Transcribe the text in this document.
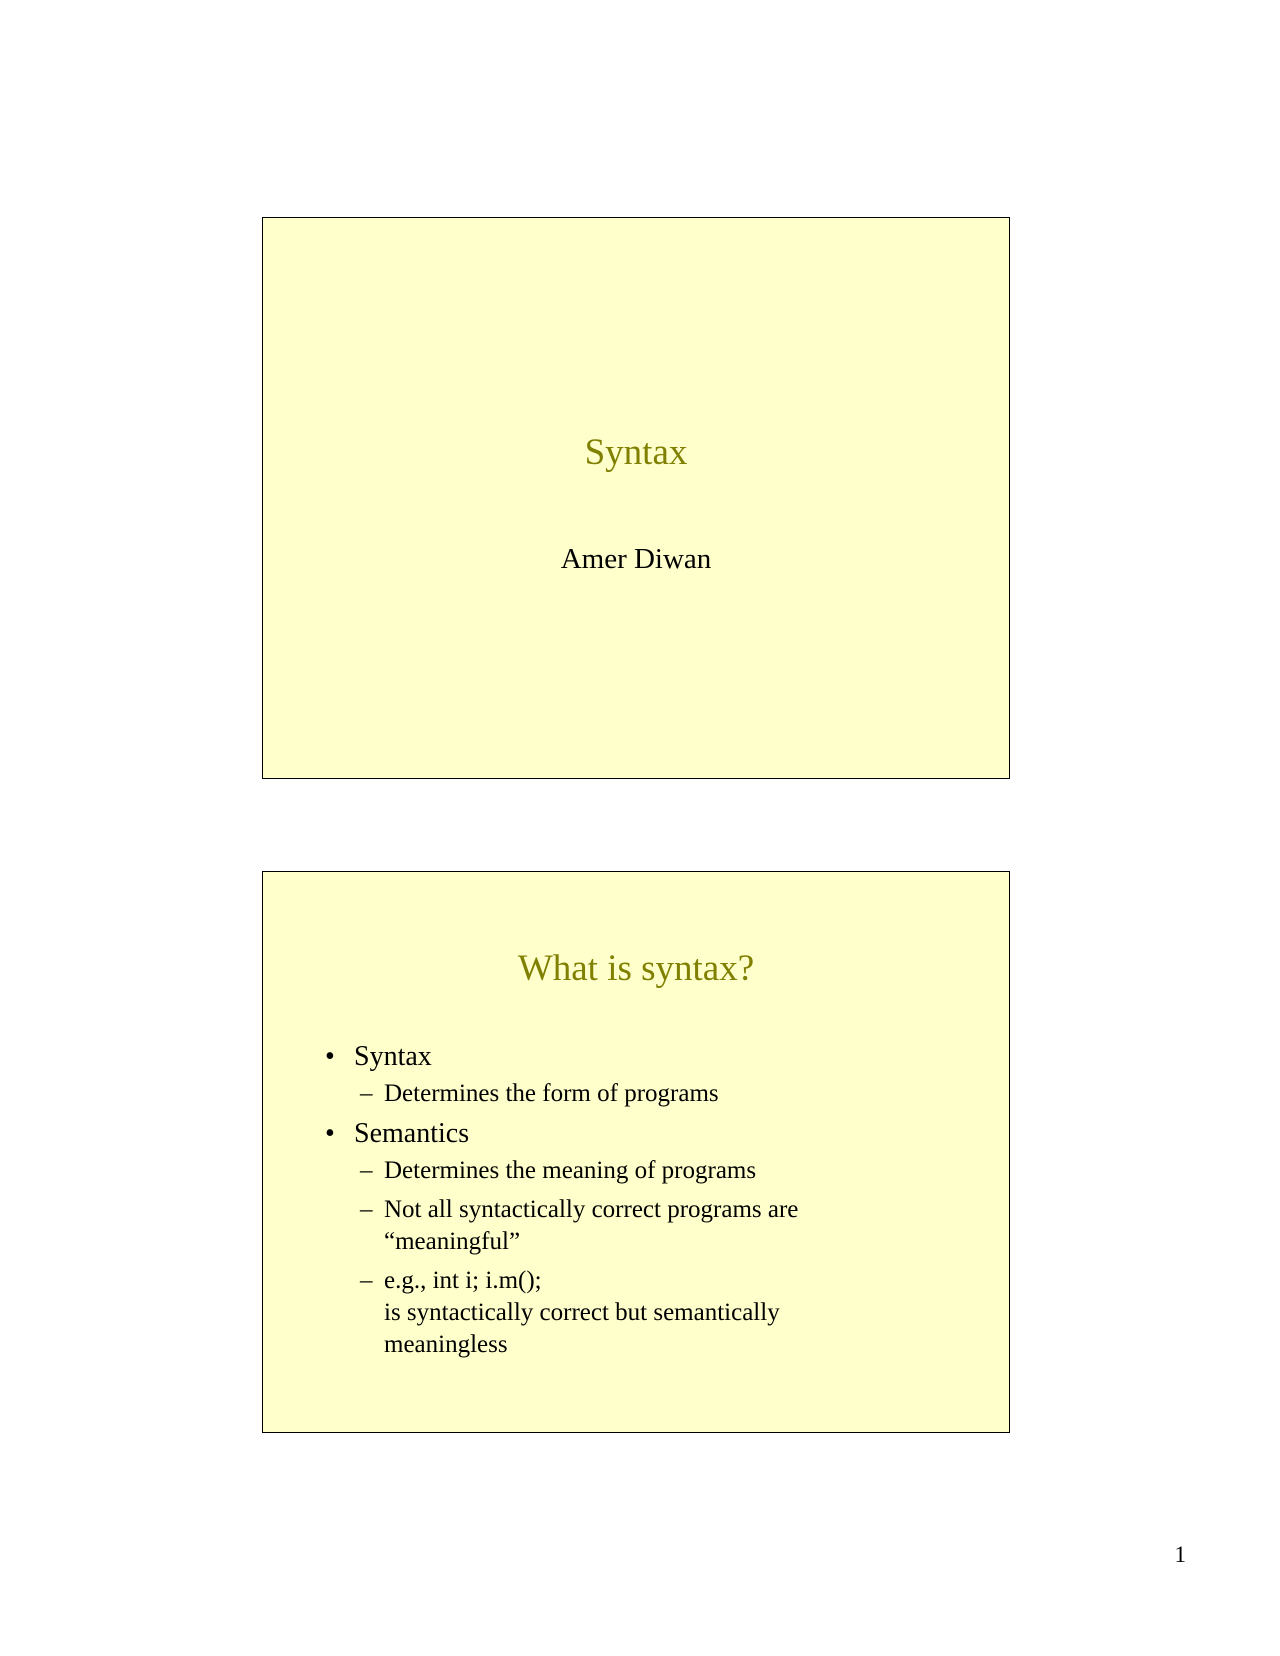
Syntax
Amer Diwan
What is syntax?
• Syntax
– Determines the form of programs
• Semantics
– Determines the meaning of programs
– Not all syntactically correct programs are
“meaningful”
– e.g., int i; i.m();
is syntactically correct but semantically
meaningless
1
